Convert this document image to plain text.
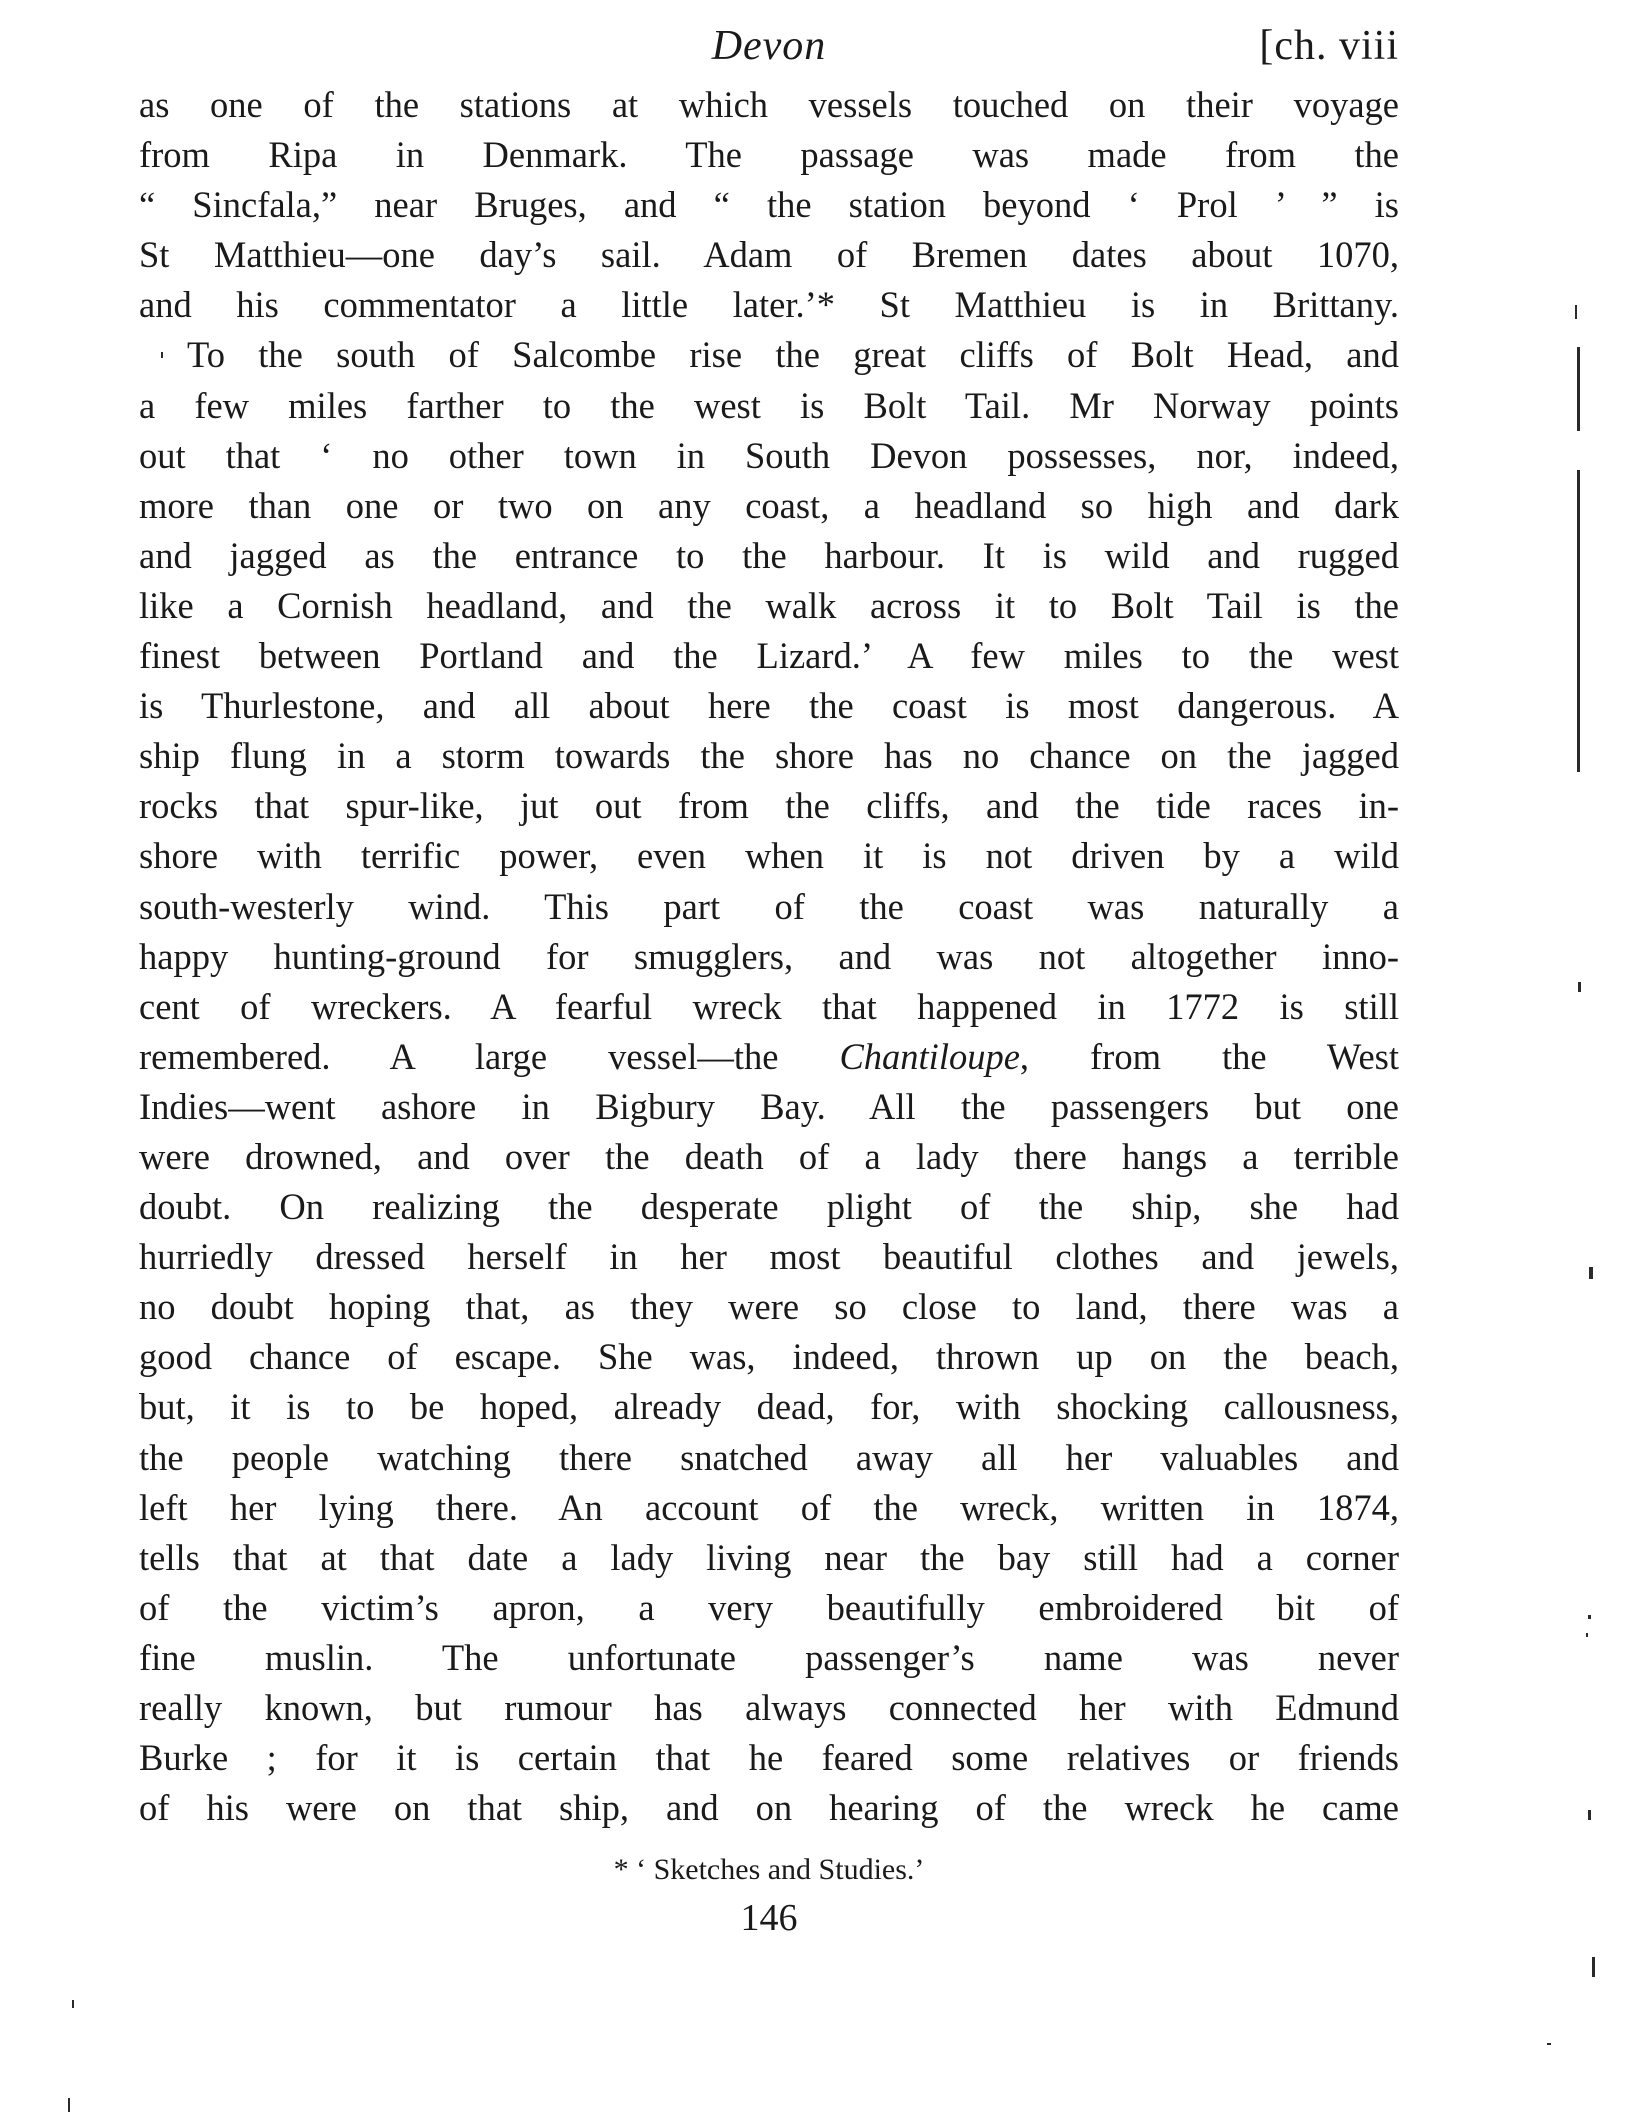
Devon	[ch. viii
as one of the stations at which vessels touched on their voyage
from Ripa in Denmark. The passage was made from the
“ Sincfala,” near Bruges, and “ the station beyond ‘ Prol ’ ” is
St Matthieu—one day’s sail. Adam of Bremen dates about 1070,
and his commentator a little later.’* St Matthieu is in Brittany.
To the south of Salcombe rise the great cliffs of Bolt Head, and
a few miles farther to the west is Bolt Tail. Mr Norway points
out that ‘ no other town in South Devon possesses, nor, indeed,
more than one or two on any coast, a headland so high and dark
and jagged as the entrance to the harbour. It is wild and rugged
like a Cornish headland, and the walk across it to Bolt Tail is the
finest between Portland and the Lizard.’ A few miles to the west
is Thurlestone, and all about here the coast is most dangerous. A
ship flung in a storm towards the shore has no chance on the jagged
rocks that spur-like, jut out from the cliffs, and the tide races in-
shore with terrific power, even when it is not driven by a wild
south-westerly wind. This part of the coast was naturally a
happy hunting-ground for smugglers, and was not altogether inno-
cent of wreckers. A fearful wreck that happened in 1772 is still
remembered. A large vessel—the Chantiloupe, from the West
Indies—went ashore in Bigbury Bay. All the passengers but one
were drowned, and over the death of a lady there hangs a terrible
doubt. On realizing the desperate plight of the ship, she had
hurriedly dressed herself in her most beautiful clothes and jewels,
no doubt hoping that, as they were so close to land, there was a
good chance of escape. She was, indeed, thrown up on the beach,
but, it is to be hoped, already dead, for, with shocking callousness,
the people watching there snatched away all her valuables and
left her lying there. An account of the wreck, written in 1874,
tells that at that date a lady living near the bay still had a corner
of the victim’s apron, a very beautifully embroidered bit of
fine muslin. The unfortunate passenger’s name was never
really known, but rumour has always connected her with Edmund
Burke ; for it is certain that he feared some relatives or friends
of his were on that ship, and on hearing of the wreck he came
* ‘ Sketches and Studies.’
146
